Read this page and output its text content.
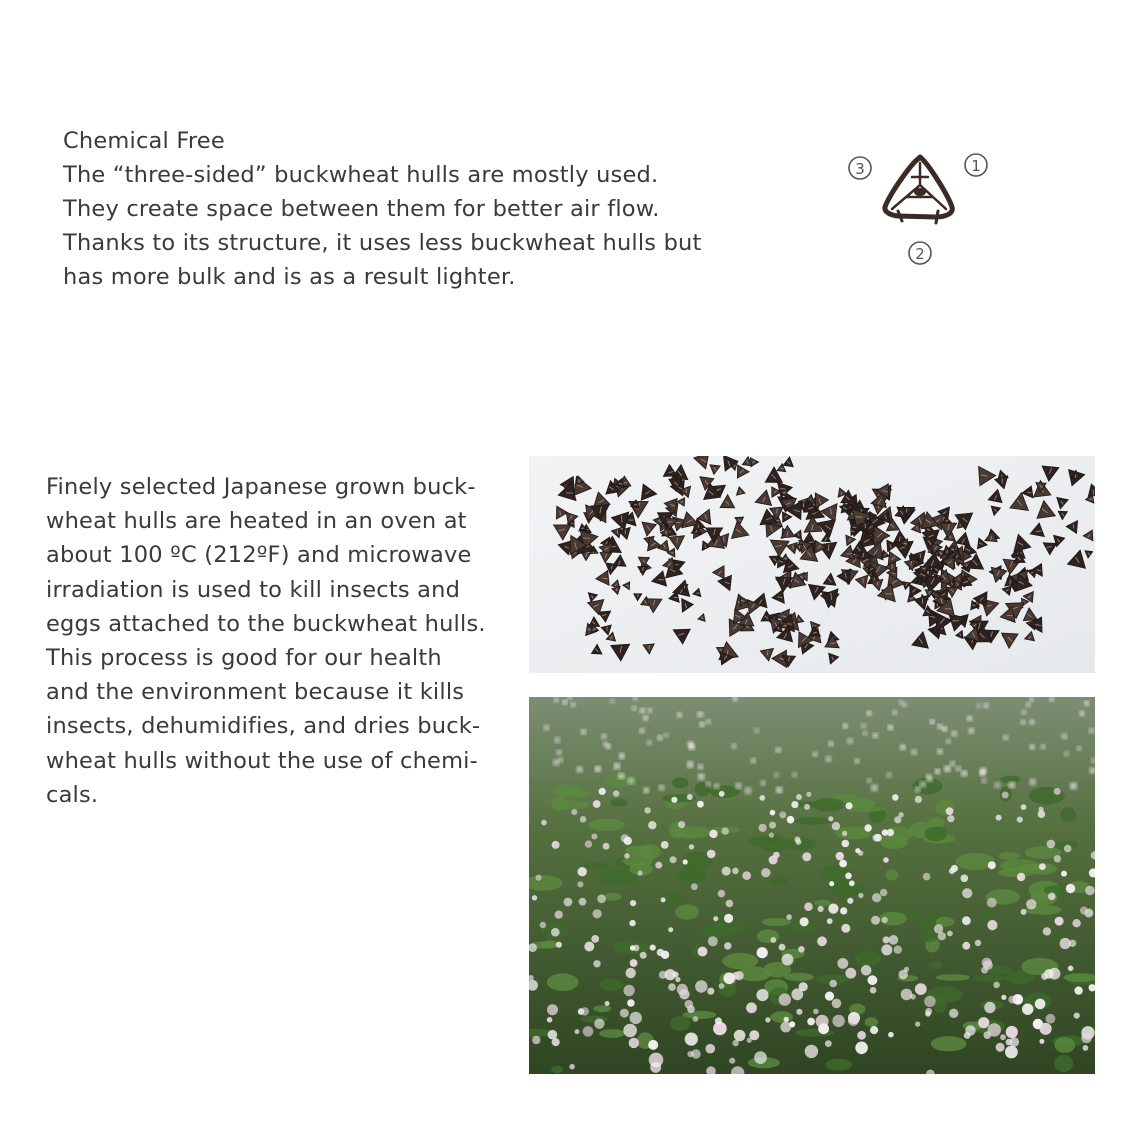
Chemical Free

The “three-sided” buckwheat hulls are mostly used.

They create space between them for better air flow.

Thanks to its structure, it uses less buckwheat hulls but

has more bulk and is as a result lighter.

3	1
2

Finely selected Japanese grown buck-

wheat hulls are heated in an oven at

about 100 ºC (212ºF) and microwave

irradiation is used to kill insects and

eggs attached to the buckwheat hulls.

This process is good for our health

and the environment because it kills

insects, dehumidifies, and dries buck-

wheat hulls without the use of chemi-

cals.
